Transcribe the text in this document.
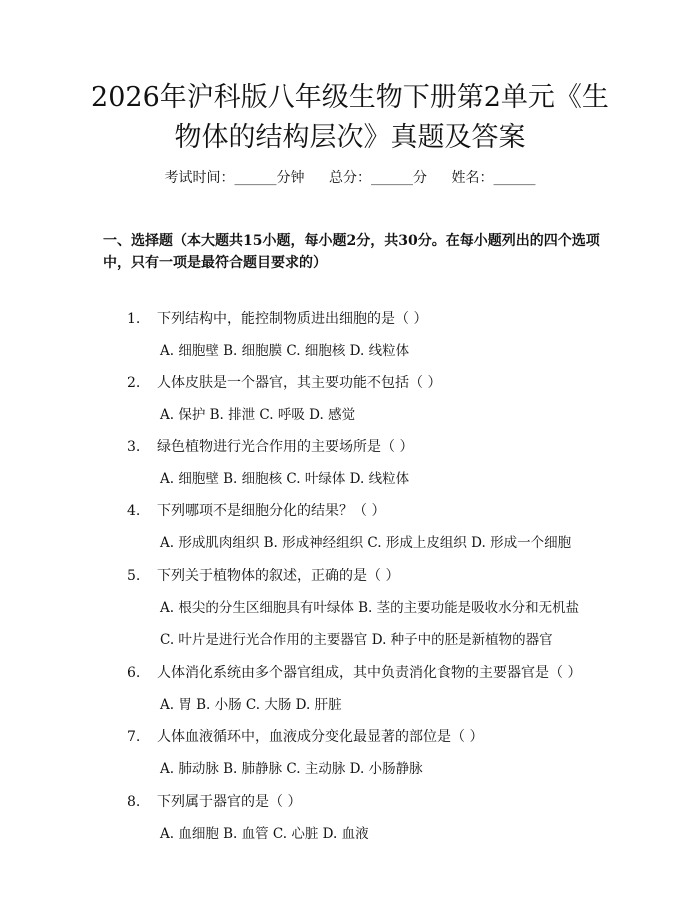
2026年沪科版八年级生物下册第2单元《生物体的结构层次》真题及答案
考试时间：______分钟 总分：______分 姓名：______
一、选择题（本大题共15小题，每小题2分，共30分。在每小题列出的四个选项中，只有一项是最符合题目要求的）
1. 下列结构中，能控制物质进出细胞的是（ ）
A. 细胞壁 B. 细胞膜 C. 细胞核 D. 线粒体
2. 人体皮肤是一个器官，其主要功能不包括（ ）
A. 保护 B. 排泄 C. 呼吸 D. 感觉
3. 绿色植物进行光合作用的主要场所是（ ）
A. 细胞壁 B. 细胞核 C. 叶绿体 D. 线粒体
4. 下列哪项不是细胞分化的结果？（ ）
A. 形成肌肉组织 B. 形成神经组织 C. 形成上皮组织 D. 形成一个细胞
5. 下列关于植物体的叙述，正确的是（ ）
A. 根尖的分生区细胞具有叶绿体 B. 茎的主要功能是吸收水分和无机盐
C. 叶片是进行光合作用的主要器官 D. 种子中的胚是新植物的器官
6. 人体消化系统由多个器官组成，其中负责消化食物的主要器官是（ ）
A. 胃 B. 小肠 C. 大肠 D. 肝脏
7. 人体血液循环中，血液成分变化最显著的部位是（ ）
A. 肺动脉 B. 肺静脉 C. 主动脉 D. 小肠静脉
8. 下列属于器官的是（ ）
A. 血细胞 B. 血管 C. 心脏 D. 血液
